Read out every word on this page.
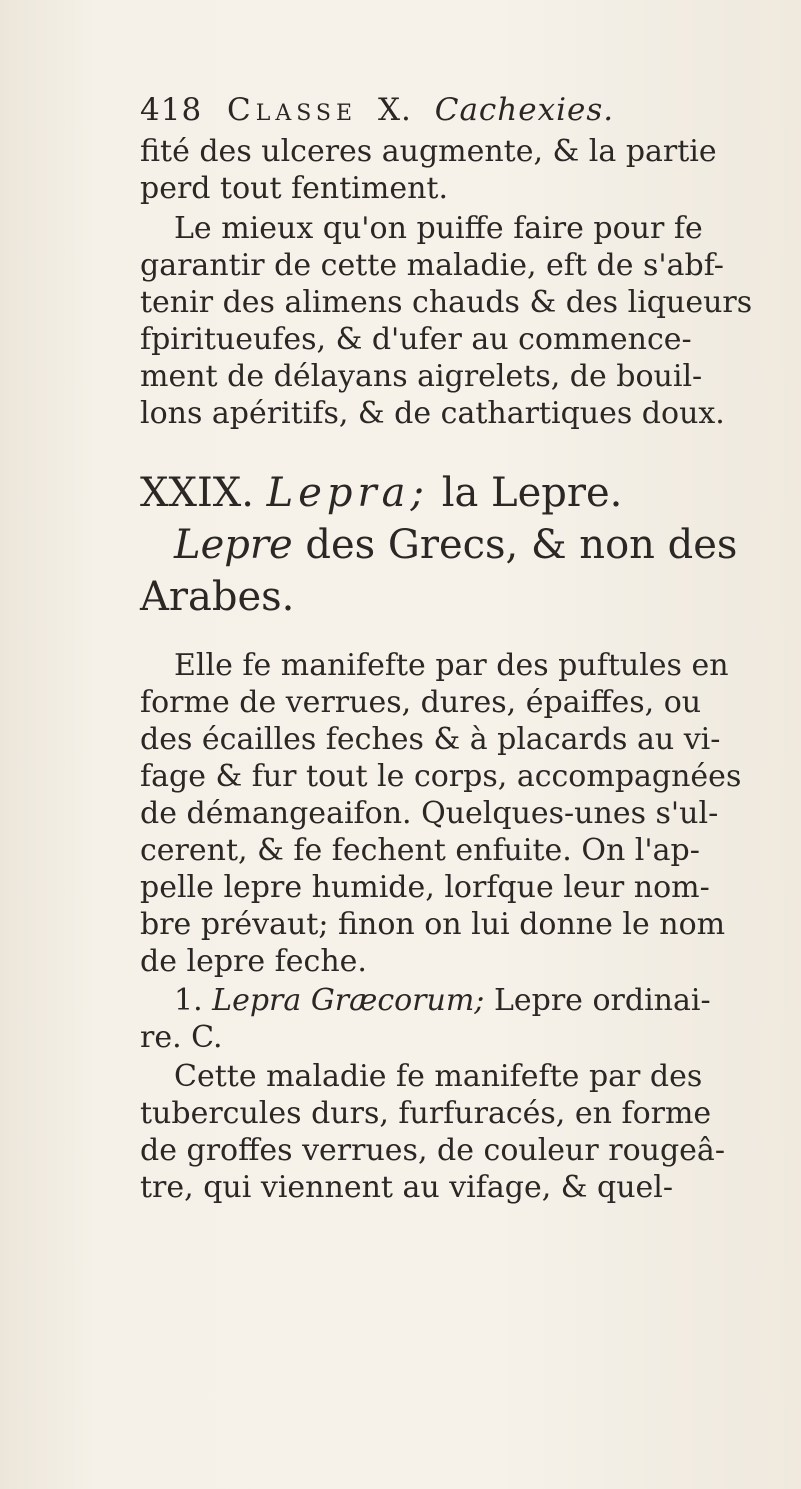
418 Classe X. Cachexies.
fité des ulceres augmente, & la partie
perd tout fentiment.
Le mieux qu'on puiffe faire pour fe
garantir de cette maladie, eft de s'abf-
tenir des alimens chauds & des liqueurs
fpiritueufes, & d'ufer au commence-
ment de délayans aigrelets, de bouil-
lons apéritifs, & de cathartiques doux.
XXIX. Lepra; la Lepre.
Lepre des Grecs, & non des
Arabes.
Elle fe manifefte par des puftules en
forme de verrues, dures, épaiffes, ou
des écailles feches & à placards au vi-
fage & fur tout le corps, accompagnées
de démangeaifon. Quelques-unes s'ul-
cerent, & fe fechent enfuite. On l'ap-
pelle lepre humide, lorfque leur nom-
bre prévaut; finon on lui donne le nom
de lepre feche.
1. Lepra Græcorum; Lepre ordinai-
re. C.
Cette maladie fe manifefte par des
tubercules durs, furfuracés, en forme
de groffes verrues, de couleur rougeâ-
tre, qui viennent au vifage, & quel-
